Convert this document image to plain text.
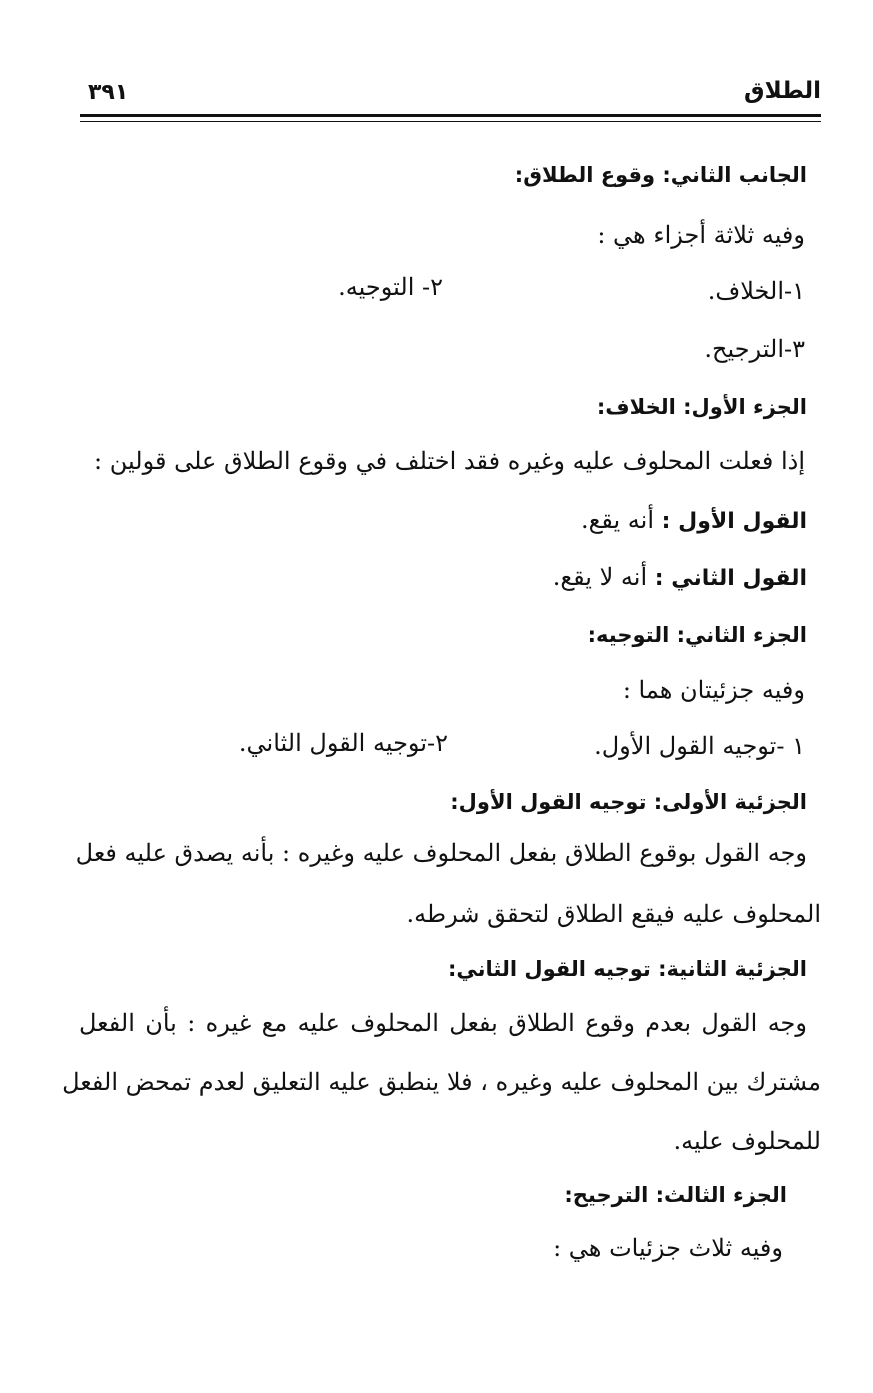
الطلاق
٣٩١
الجانب الثاني: وقوع الطلاق:
وفيه ثلاثة أجزاء هي :
١-الخلاف.
٢- التوجيه.
٣-الترجيح.
الجزء الأول: الخلاف:
إذا فعلت المحلوف عليه وغيره فقد اختلف في وقوع الطلاق على قولين :
القول الأول : أنه يقع.
القول الثاني : أنه لا يقع.
الجزء الثاني: التوجيه:
وفيه جزئيتان هما :
١ -توجيه القول الأول.
٢-توجيه القول الثاني.
الجزئية الأولى: توجيه القول الأول:
وجه القول بوقوع الطلاق بفعل المحلوف عليه وغيره : بأنه يصدق عليه فعل
المحلوف عليه فيقع الطلاق لتحقق شرطه.
الجزئية الثانية: توجيه القول الثاني:
وجه القول بعدم وقوع الطلاق بفعل المحلوف عليه مع غيره : بأن الفعل
مشترك بين المحلوف عليه وغيره ، فلا ينطبق عليه التعليق لعدم تمحض الفعل
للمحلوف عليه.
الجزء الثالث: الترجيح:
وفيه ثلاث جزئيات هي :
